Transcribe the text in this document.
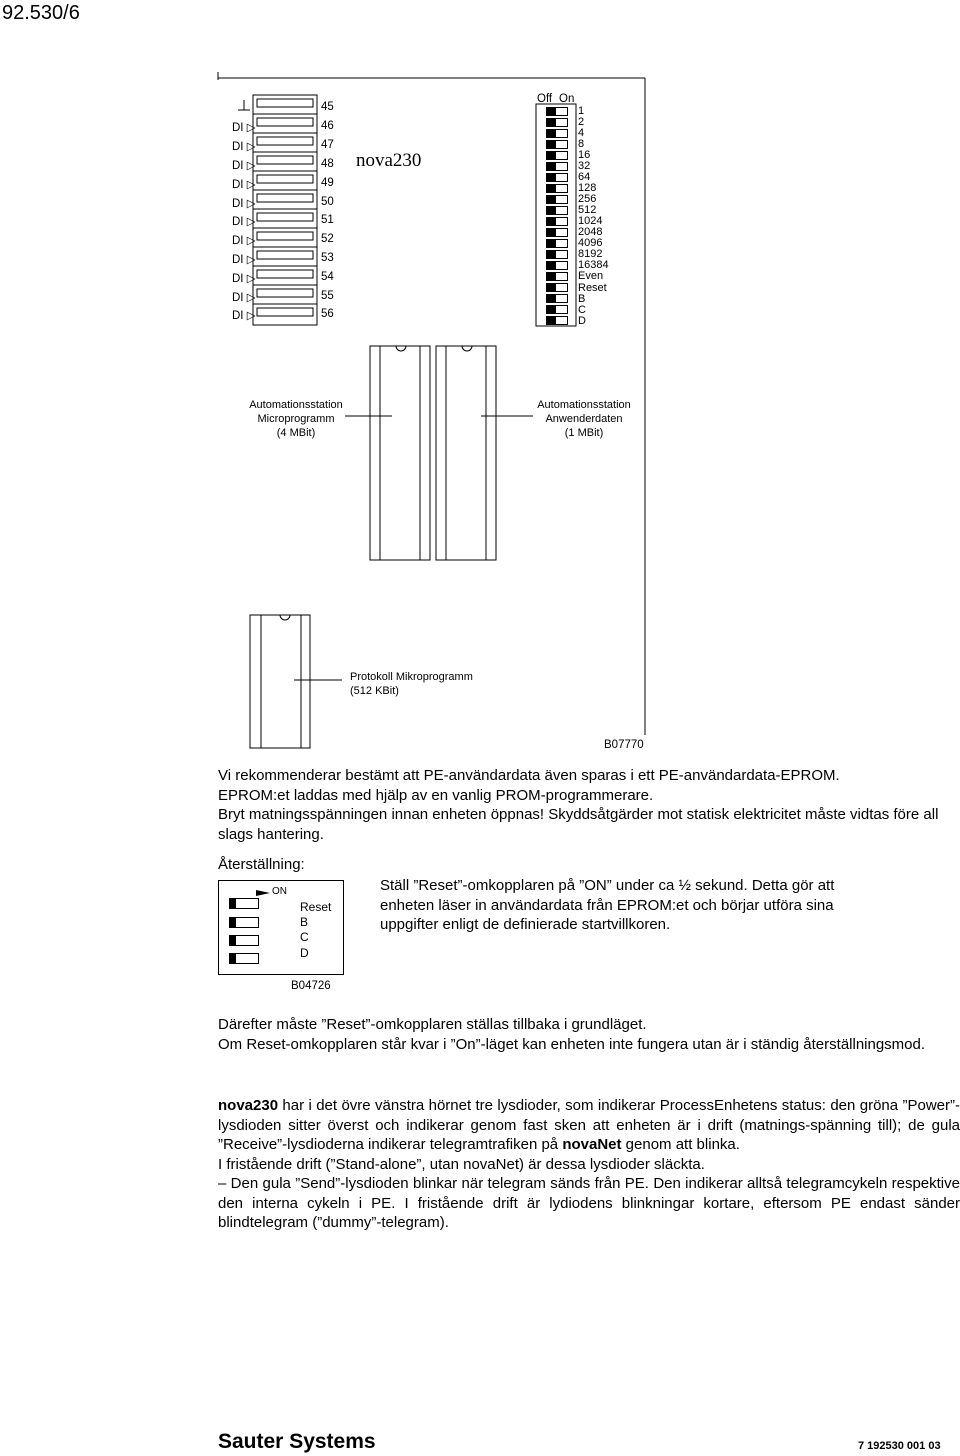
92.530/6
DI ▷
DI ▷
DI ▷
DI ▷
DI ▷
DI ▷
DI ▷
DI ▷
DI ▷
DI ▷
DI ▷
45
46
47
48
49
50
51
52
53
54
55
56
nova230
Off On
1
2
4
8
16
32
64
128
256
512
1024
2048
4096
8192
16384
Even
Reset
B
C
D
Automationsstation
Microprogramm
(4 MBit)
Automationsstation
Anwenderdaten
(1 MBit)
Protokoll Mikroprogramm
(512 KBit)
B07770
Vi rekommenderar bestämt att PE-användardata även sparas i ett PE-användardata-EPROM.
EPROM:et laddas med hjälp av en vanlig PROM-programmerare.
Bryt matningsspänningen innan enheten öppnas! Skyddsåtgärder mot statisk elektricitet måste vidtas före all slags hantering.
Återställning:
ON
Reset
B
C
D
B04726
Ställ ”Reset”-omkopplaren på ”ON” under ca ½ sekund. Detta gör att enheten läser in användardata från EPROM:et och börjar utföra sina uppgifter enligt de definierade startvillkoren.
Därefter måste ”Reset”-omkopplaren ställas tillbaka i grundläget.
Om Reset-omkopplaren står kvar i ”On”-läget kan enheten inte fungera utan är i ständig återställningsmod.
nova230 har i det övre vänstra hörnet tre lysdioder, som indikerar ProcessEnhetens status: den gröna ”Power”-lysdioden sitter överst och indikerar genom fast sken att enheten är i drift (matnings-spänning till); de gula ”Receive”-lysdioderna indikerar telegramtrafiken på novaNet genom att blinka.
I fristående drift (”Stand-alone”, utan novaNet) är dessa lysdioder släckta.
– Den gula ”Send”-lysdioden blinkar när telegram sänds från PE. Den indikerar alltså telegramcykeln respektive den interna cykeln i PE. I fristående drift är lydiodens blinkningar kortare, eftersom PE endast sänder blindtelegram (”dummy”-telegram).
Sauter Systems	7 192530 001 03
